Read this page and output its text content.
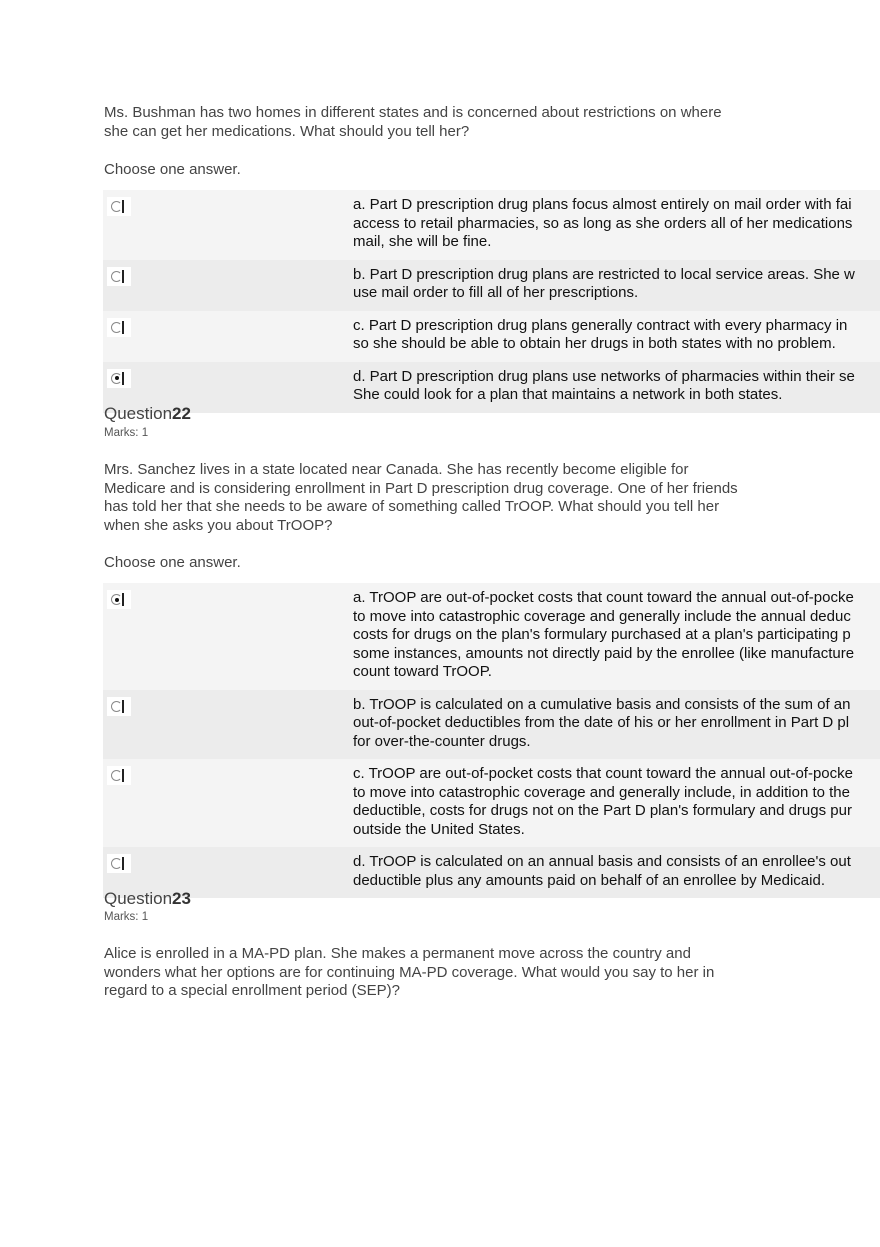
Ms. Bushman has two homes in different states and is concerned about restrictions on where
she can get her medications. What should you tell her?
Choose one answer.
a. Part D prescription drug plans focus almost entirely on mail order with fai
access to retail pharmacies, so as long as she orders all of her medications
mail, she will be fine.
b. Part D prescription drug plans are restricted to local service areas. She w
use mail order to fill all of her prescriptions.
c. Part D prescription drug plans generally contract with every pharmacy in
so she should be able to obtain her drugs in both states with no problem.
d. Part D prescription drug plans use networks of pharmacies within their se
She could look for a plan that maintains a network in both states.
Question22
Marks: 1
Mrs. Sanchez lives in a state located near Canada. She has recently become eligible for
Medicare and is considering enrollment in Part D prescription drug coverage. One of her friends
has told her that she needs to be aware of something called TrOOP. What should you tell her
when she asks you about TrOOP?
Choose one answer.
a. TrOOP are out-of-pocket costs that count toward the annual out-of-pocke
to move into catastrophic coverage and generally include the annual deduc
costs for drugs on the plan's formulary purchased at a plan's participating p
some instances, amounts not directly paid by the enrollee (like manufacture
count toward TrOOP.
b. TrOOP is calculated on a cumulative basis and consists of the sum of an
out-of-pocket deductibles from the date of his or her enrollment in Part D pl
for over-the-counter drugs.
c. TrOOP are out-of-pocket costs that count toward the annual out-of-pocke
to move into catastrophic coverage and generally include, in addition to the
deductible, costs for drugs not on the Part D plan's formulary and drugs pur
outside the United States.
d. TrOOP is calculated on an annual basis and consists of an enrollee's out
deductible plus any amounts paid on behalf of an enrollee by Medicaid.
Question23
Marks: 1
Alice is enrolled in a MA-PD plan. She makes a permanent move across the country and
wonders what her options are for continuing MA-PD coverage. What would you say to her in
regard to a special enrollment period (SEP)?
